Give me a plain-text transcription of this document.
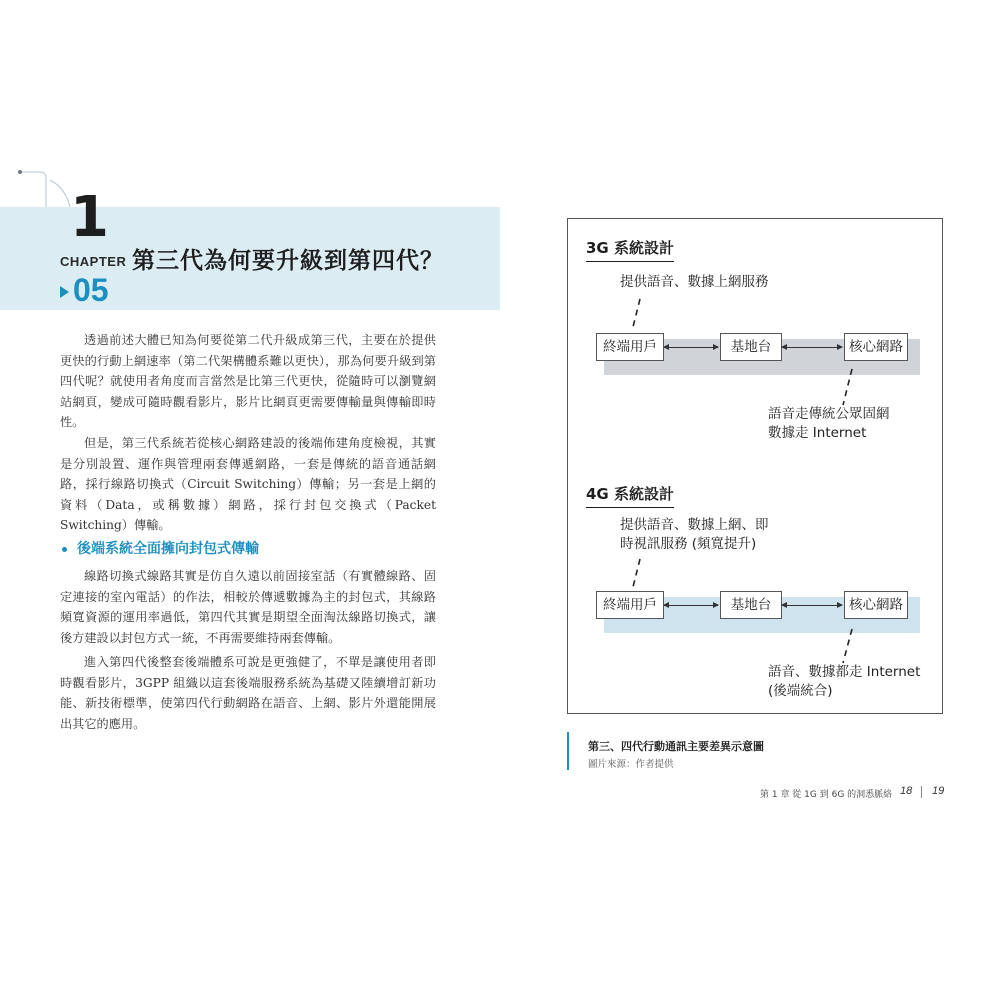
1
CHAPTER
05
第三代為何要升級到第四代？

透過前述大體已知為何要從第二代升級成第三代，主要在於提供更快的行動上網速率（第二代架構體系難以更快），那為何要升級到第四代呢？就使用者角度而言當然是比第三代更快，從隨時可以瀏覽網站網頁，變成可隨時觀看影片，影片比網頁更需要傳輸量與傳輸即時性。

但是，第三代系統若從核心網路建設的後端佈建角度檢視，其實是分別設置、運作與管理兩套傳遞網路，一套是傳統的語音通話網路，採行線路切換式（Circuit Switching）傳輸；另一套是上網的資料（Data，或稱數據）網路，採行封包交換式（Packet Switching）傳輸。

後端系統全面擁向封包式傳輸

線路切換式線路其實是仿自久遠以前固接室話（有實體線路、固定連接的室內電話）的作法，相較於傳遞數據為主的封包式，其線路頻寬資源的運用率過低，第四代其實是期望全面淘汰線路切換式，讓後方建設以封包方式一統，不再需要維持兩套傳輸。

進入第四代後整套後端體系可說是更強健了，不單是讓使用者即時觀看影片，3GPP 組織以這套後端服務系統為基礎又陸續增訂新功能、新技術標準，使第四代行動網路在語音、上網、影片外還能開展出其它的應用。

3G 系統設計
提供語音、數據上網服務
終端用戶	基地台	核心網路
語音走傳統公眾固網
數據走 Internet
4G 系統設計
提供語音、數據上網、即
時視訊服務 (頻寬提升)
終端用戶	基地台	核心網路
語音、數據都走 Internet
(後端統合)
第三、四代行動通訊主要差異示意圖
圖片來源：作者提供
第 1 章 從 1G 到 6G 的洞悉脈絡 18 19
